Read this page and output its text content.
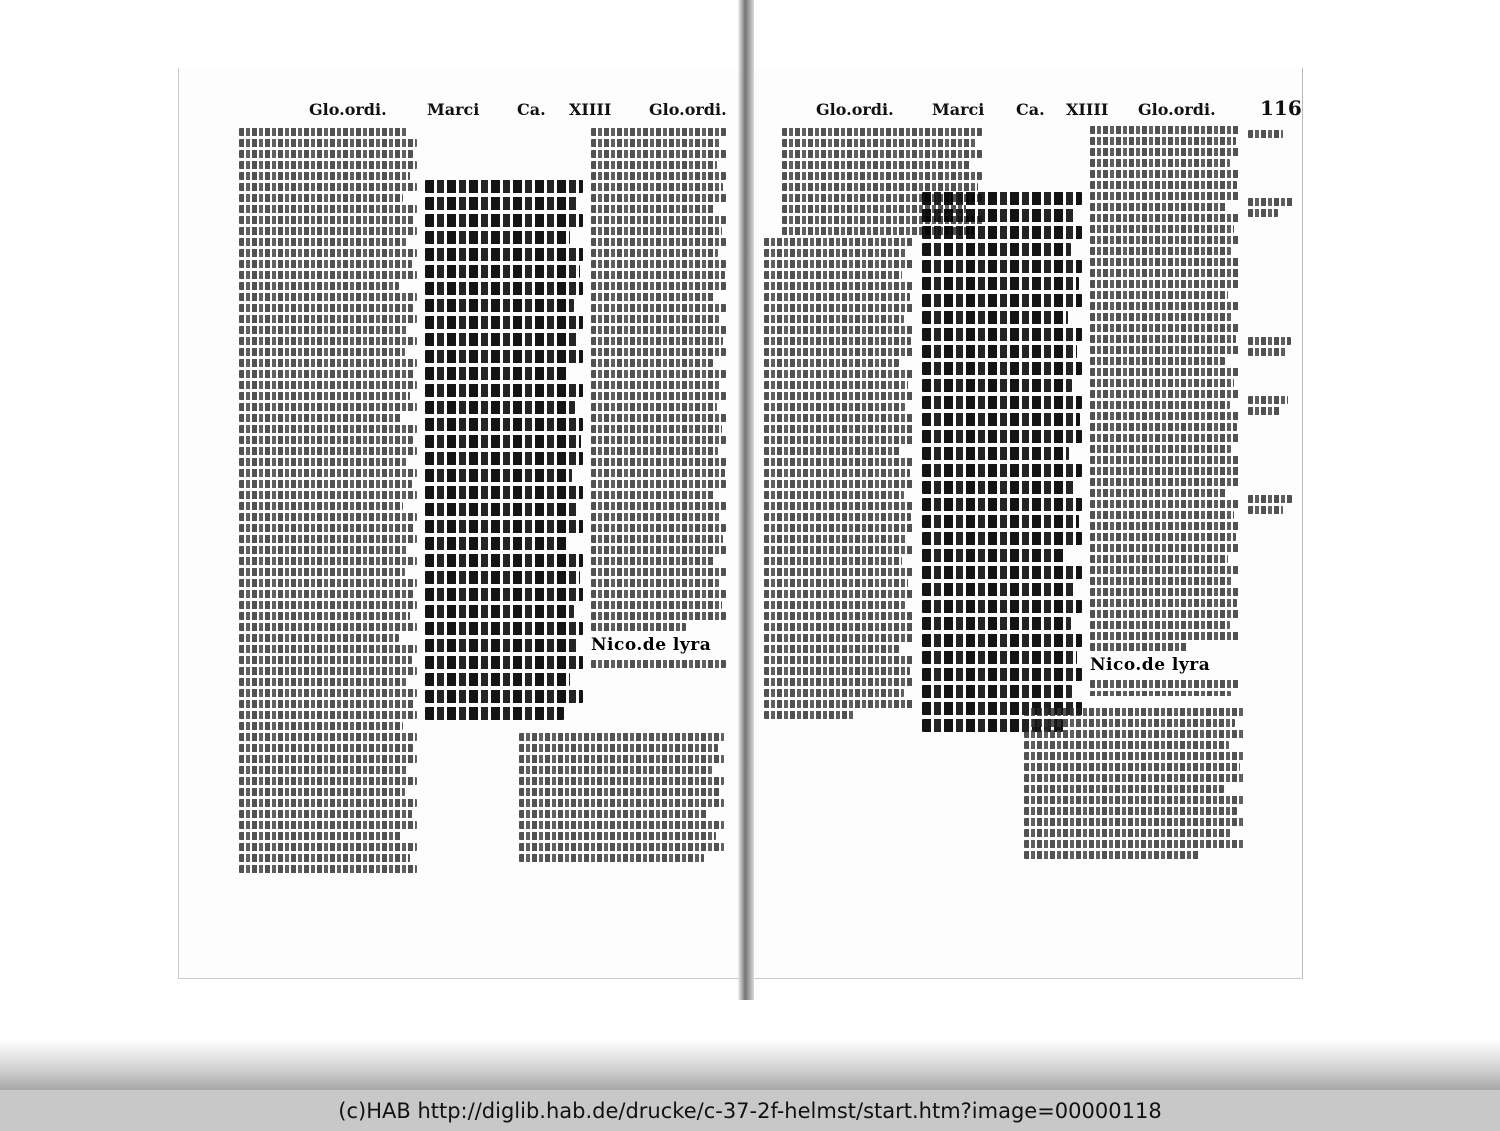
Glo.ordi.	Marci Ca. XIIII Glo.ordi.
Nico.de lyra
Glo.ordi. Marci Ca. XIIII Glo.ordi. 116
Nico.de lyra
(c)HAB http://diglib.hab.de/drucke/c-37-2f-helmst/start.htm?image=00000118
